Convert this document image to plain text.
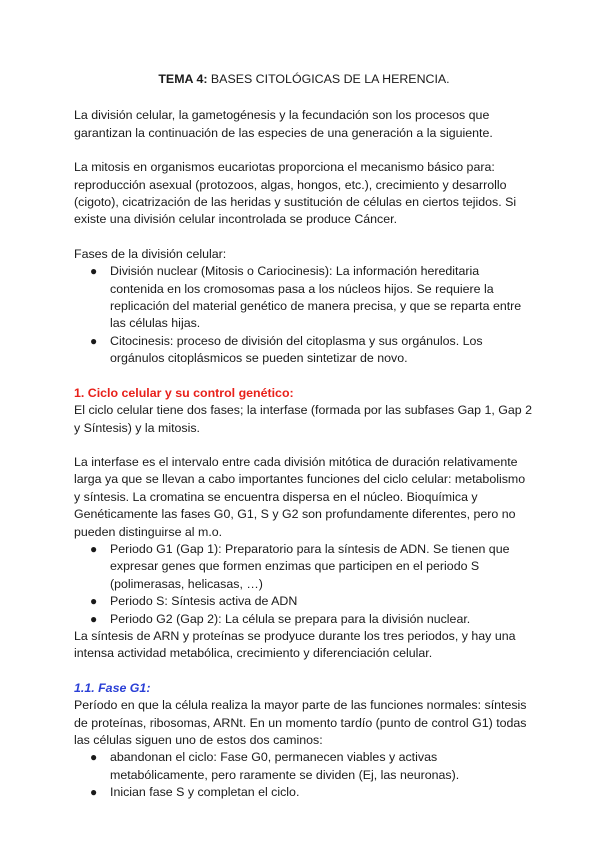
TEMA 4: BASES CITOLÓGICAS DE LA HERENCIA.

La división celular, la gametogénesis y la fecundación son los procesos que garantizan la continuación de las especies de una generación a la siguiente.

La mitosis en organismos eucariotas proporciona el mecanismo básico para: reproducción asexual (protozoos, algas, hongos, etc.), crecimiento y desarrollo (cigoto), cicatrización de las heridas y sustitución de células en ciertos tejidos. Si existe una división celular incontrolada se produce Cáncer.

Fases de la división celular:

● División nuclear (Mitosis o Cariocinesis): La información hereditaria contenida en los cromosomas pasa a los núcleos hijos. Se requiere la replicación del material genético de manera precisa, y que se reparta entre las células hijas.
● Citocinesis: proceso de división del citoplasma y sus orgánulos. Los orgánulos citoplásmicos se pueden sintetizar de novo.

1. Ciclo celular y su control genético:

El ciclo celular tiene dos fases; la interfase (formada por las subfases Gap 1, Gap 2 y Síntesis) y la mitosis.

La interfase es el intervalo entre cada división mitótica de duración relativamente larga ya que se llevan a cabo importantes funciones del ciclo celular: metabolismo y síntesis. La cromatina se encuentra dispersa en el núcleo. Bioquímica y Genéticamente las fases G0, G1, S y G2 son profundamente diferentes, pero no pueden distinguirse al m.o.

● Periodo G1 (Gap 1): Preparatorio para la síntesis de ADN. Se tienen que expresar genes que formen enzimas que participen en el periodo S (polimerasas, helicasas, …)
● Periodo S: Síntesis activa de ADN
● Periodo G2 (Gap 2): La célula se prepara para la división nuclear.

La síntesis de ARN y proteínas se prodyuce durante los tres periodos, y hay una intensa actividad metabólica, crecimiento y diferenciación celular.

1.1. Fase G1:

Período en que la célula realiza la mayor parte de las funciones normales: síntesis de proteínas, ribosomas, ARNt. En un momento tardío (punto de control G1) todas las células siguen uno de estos dos caminos:

● abandonan el ciclo: Fase G0, permanecen viables y activas metabólicamente, pero raramente se dividen (Ej, las neuronas).
● Inician fase S y completan el ciclo.
